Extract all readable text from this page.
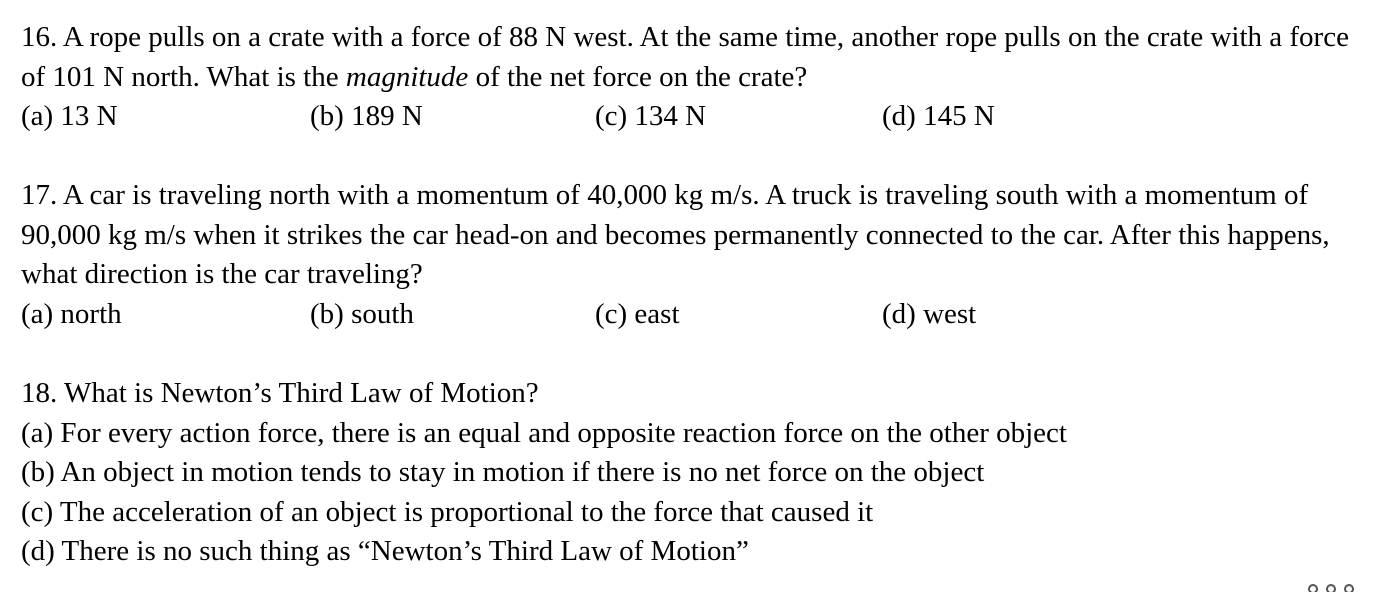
16. A rope pulls on a crate with a force of 88 N west. At the same time, another rope pulls on the crate with a force of 101 N north. What is the magnitude of the net force on the crate?

(a) 13 N	(b) 189 N	(c) 134 N	(d) 145 N

17. A car is traveling north with a momentum of 40,000 kg m/s. A truck is traveling south with a momentum of 90,000 kg m/s when it strikes the car head-on and becomes permanently connected to the car. After this happens, what direction is the car traveling?

(a) north	(b) south	(c) east	(d) west

18. What is Newton’s Third Law of Motion?

(a) For every action force, there is an equal and opposite reaction force on the other object
(b) An object in motion tends to stay in motion if there is no net force on the object
(c) The acceleration of an object is proportional to the force that caused it
(d) There is no such thing as “Newton’s Third Law of Motion”
